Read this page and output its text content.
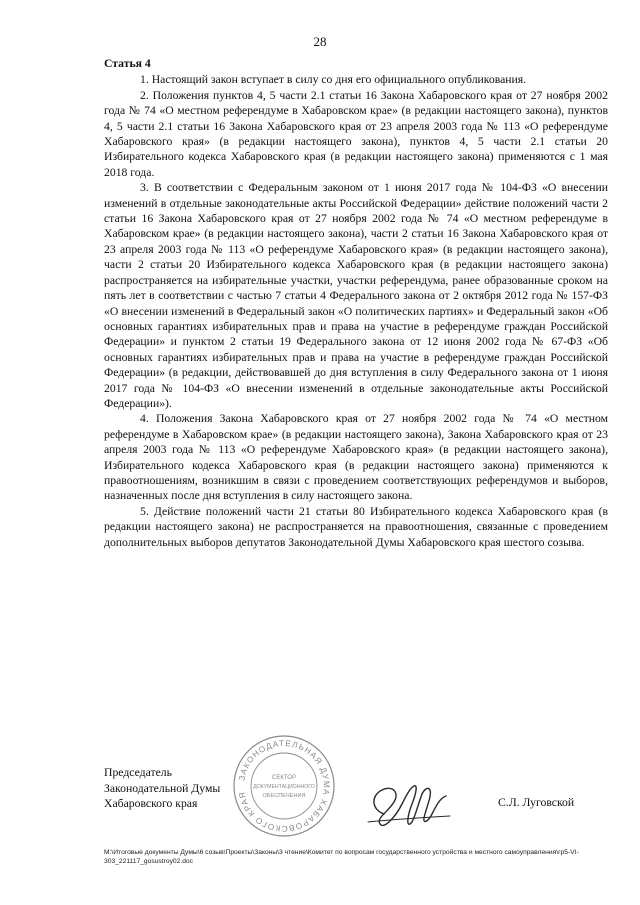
28

Статья 4

1. Настоящий закон вступает в силу со дня его официального опубликования.

2. Положения пунктов 4, 5 части 2.1 статьи 16 Закона Хабаровского края от 27 ноября 2002 года № 74 «О местном референдуме в Хабаровском крае» (в редакции настоящего закона), пунктов 4, 5 части 2.1 статьи 16 Закона Хабаровского края от 23 апреля 2003 года № 113 «О референдуме Хабаровского края» (в редакции настоящего закона), пунктов 4, 5 части 2.1 статьи 20 Избирательного кодекса Хабаровского края (в редакции настоящего закона) применяются с 1 мая 2018 года.

3. В соответствии с Федеральным законом от 1 июня 2017 года № 104-ФЗ «О внесении изменений в отдельные законодательные акты Российской Федерации» действие положений части 2 статьи 16 Закона Хабаровского края от 27 ноября 2002 года № 74 «О местном референдуме в Хабаровском крае» (в редакции настоящего закона), части 2 статьи 16 Закона Хабаровского края от 23 апреля 2003 года № 113 «О референдуме Хабаровского края» (в редакции настоящего закона), части 2 статьи 20 Избирательного кодекса Хабаровского края (в редакции настоящего закона) распространяется на избирательные участки, участки референдума, ранее образованные сроком на пять лет в соответствии с частью 7 статьи 4 Федерального закона от 2 октября 2012 года № 157-ФЗ «О внесении изменений в Федеральный закон «О политических партиях» и Федеральный закон «Об основных гарантиях избирательных прав и права на участие в референдуме граждан Российской Федерации» и пунктом 2 статьи 19 Федерального закона от 12 июня 2002 года № 67-ФЗ «Об основных гарантиях избирательных прав и права на участие в референдуме граждан Российской Федерации» (в редакции, действовавшей до дня вступления в силу Федерального закона от 1 июня 2017 года № 104-ФЗ «О внесении изменений в отдельные законодательные акты Российской Федерации»).

4. Положения Закона Хабаровского края от 27 ноября 2002 года № 74 «О местном референдуме в Хабаровском крае» (в редакции настоящего закона), Закона Хабаровского края от 23 апреля 2003 года № 113 «О референдуме Хабаровского края» (в редакции настоящего закона), Избирательного кодекса Хабаровского края (в редакции настоящего закона) применяются к правоотношениям, возникшим в связи с проведением соответствующих референдумов и выборов, назначенных после дня вступления в силу настоящего закона.

5. Действие положений части 21 статьи 80 Избирательного кодекса Хабаровского края (в редакции настоящего закона) не распространяется на правоотношения, связанные с проведением дополнительных выборов депутатов Законодательной Думы Хабаровского края шестого созыва.

ЗАКОНОДАТЕЛЬНАЯ ДУМА ХАБАРОВСКОГО КРАЯ
СЕКТОР
ДОКУМЕНТАЦИОННОГО
ОБЕСПЕЧЕНИЯ
Председатель
Законодательной Думы
Хабаровского края	С.Л. Луговской
M:\Итоговые документы Думы\6 созыв\Проекты\Законы\3 чтение\Комитет по вопросам государственного устройства и местного самоуправления\гр5-VI-
303_221117_gosustroy02.doc
